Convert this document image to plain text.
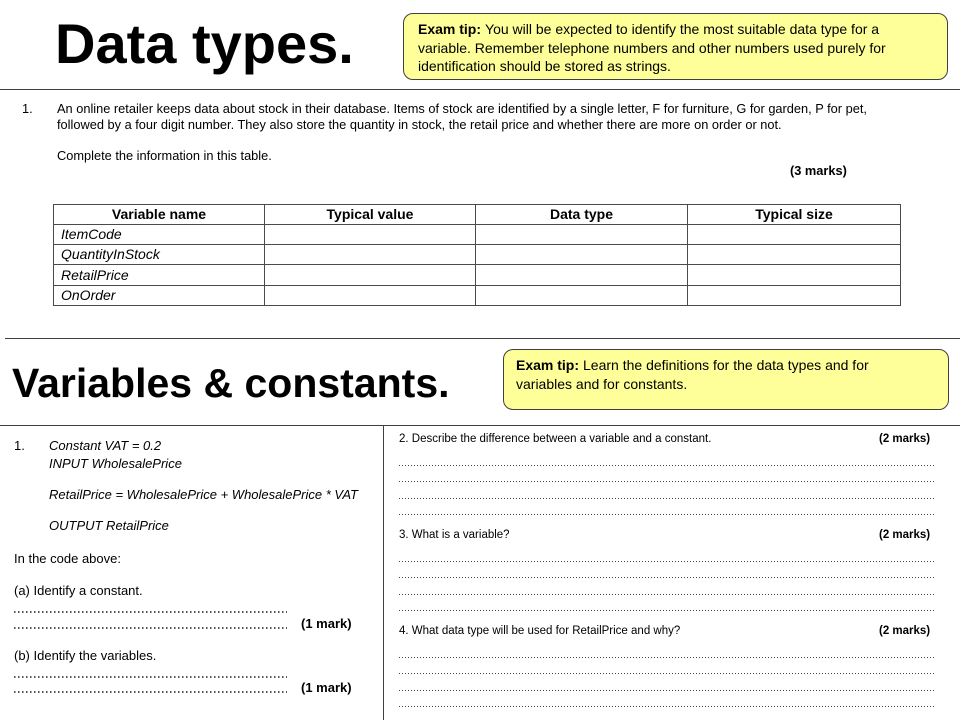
Data types.	Exam tip: You will be expected to identify the most suitable data type for a
variable. Remember telephone numbers and other numbers used purely for
identification should be stored as strings.
1. An online retailer keeps data about stock in their database. Items of stock are identified by a single letter, F for furniture, G for garden, P for pet,
followed by a four digit number. They also store the quantity in stock, the retail price and whether there are more on order or not.
Complete the information in this table.
(3 marks)
Variable name	Typical value	Data type	Typical size
ItemCode			
QuantityInStock			
RetailPrice			
OnOrder			
Variables & constants.	Exam tip: Learn the definitions for the data types and for
variables and for constants.
1. Constant VAT = 0.2
INPUT WholesalePrice
RetailPrice = WholesalePrice + WholesalePrice * VAT
OUTPUT RetailPrice
In the code above:
(a) Identify a constant.
(1 mark)
(b) Identify the variables.
(1 mark)
2. Describe the difference between a variable and a constant.	(2 marks)
3. What is a variable?	(2 marks)
4. What data type will be used for RetailPrice and why?	(2 marks)
